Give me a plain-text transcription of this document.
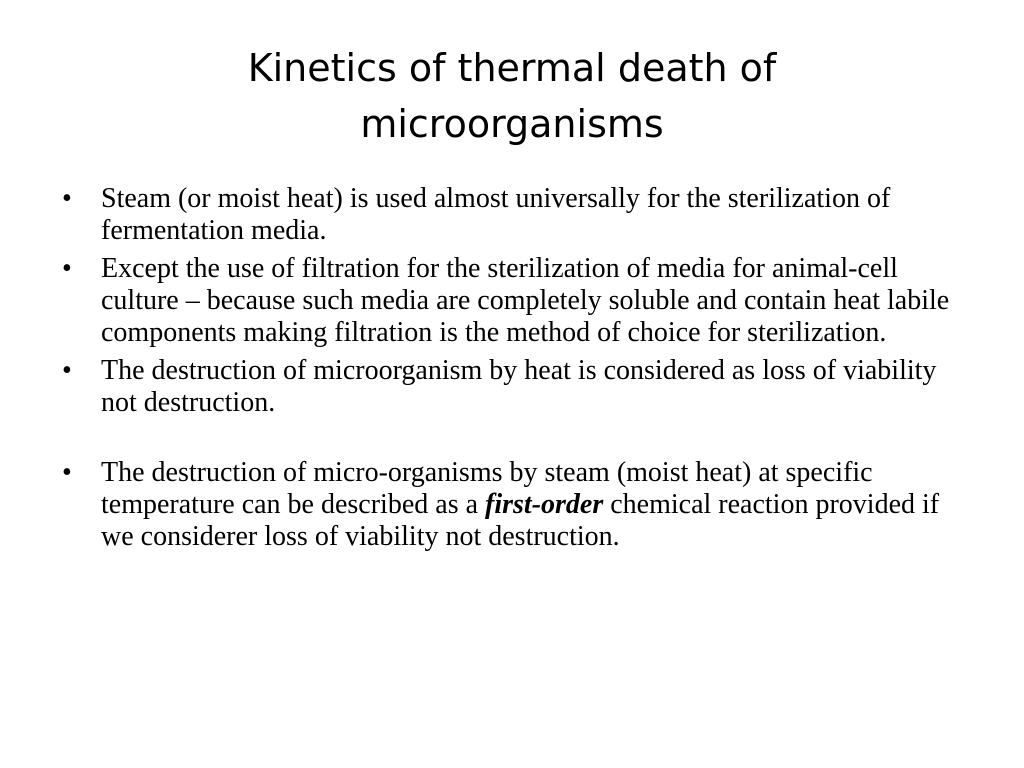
Kinetics of thermal death of
microorganisms
•	Steam (or moist heat) is used almost universally for the sterilization of fermentation media.
•	Except the use of filtration for the sterilization of media for animal-cell culture – because such media are completely soluble and contain heat labile components making filtration is the method of choice for sterilization.
•	The destruction of microorganism by heat is considered as loss of viability not destruction.
•	The destruction of micro-organisms by steam (moist heat) at specific temperature can be described as a first-order chemical reaction provided if we considerer loss of viability not destruction.
